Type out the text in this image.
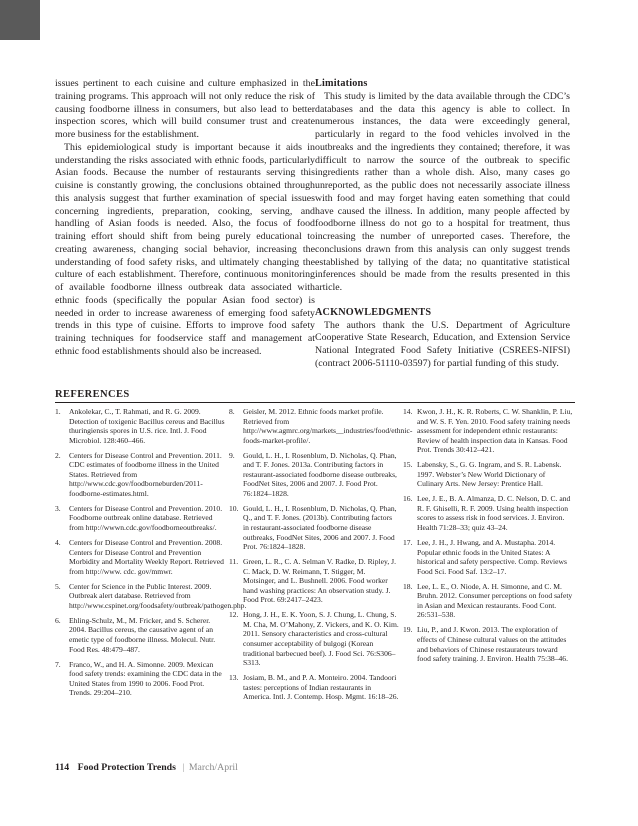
issues pertinent to each cuisine and culture emphasized in the training programs. This approach will not only reduce the risk of causing foodborne illness in consumers, but also lead to better inspection scores, which will build consumer trust and create more business for the establishment.

This epidemiological study is important because it aids in understanding the risks associated with ethnic foods, particularly Asian foods. Because the number of restaurants serving this cuisine is constantly growing, the conclusions obtained through this analysis suggest that further examination of special issues concerning ingredients, preparation, cooking, serving, and handling of Asian foods is needed. Also, the focus of food training effort should shift from being purely educational to creating awareness, changing social behavior, increasing the understanding of food safety risks, and ultimately changing the culture of each establishment. Therefore, continuous monitoring of available foodborne illness outbreak data associated with ethnic foods (specifically the popular Asian food sector) is needed in order to increase awareness of emerging food safety trends in this type of cuisine. Efforts to improve food safety training techniques for foodservice staff and management at ethnic food establishments should also be increased.

Limitations

This study is limited by the data available through the CDC’s databases and the data this agency is able to collect. In numerous instances, the data were exceedingly general, particularly in regard to the food vehicles involved in the outbreaks and the ingredients they contained; therefore, it was difficult to narrow the source of the outbreak to specific ingredients rather than a whole dish. Also, many cases go unreported, as the public does not necessarily associate illness with food and may forget having eaten something that could have caused the illness. In addition, many people affected by foodborne illness do not go to a hospital for treatment, thus increasing the number of unreported cases. Therefore, the conclusions drawn from this analysis can only suggest trends established by tallying of the data; no quantitative statistical inferences should be made from the results presented in this article.

ACKNOWLEDGMENTS

The authors thank the U.S. Department of Agriculture Cooperative State Research, Education, and Extension Service National Integrated Food Safety Initiative (CSREES-NIFSI) (contract 2006-51110-03597) for partial funding of this study.

REFERENCES
1. Ankolekar, C., T. Rahmati, and R. G. 2009. Detection of toxigenic Bacillus cereus and Bacillus thuringiensis spores in U.S. rice. Intl. J. Food Microbiol. 128:460–466.
2. Centers for Disease Control and Prevention. 2011. CDC estimates of foodborne illness in the United States. Retrieved from http://www.cdc.gov/foodborneburden/2011-foodborne-estimates.html.
3. Centers for Disease Control and Prevention. 2010. Foodborne outbreak online database. Retrieved from http://wwwn.cdc.gov/foodborneoutbreaks/.
4. Centers for Disease Control and Prevention. 2008. Centers for Disease Control and Prevention Morbidity and Mortality Weekly Report. Retrieved from http://www. cdc. gov/mmwr.
5. Center for Science in the Public Interest. 2009. Outbreak alert database. Retrieved from http://www.cspinet.org/foodsafety/outbreak/pathogen.php.
6. Ehling-Schulz, M., M. Fricker, and S. Scherer. 2004. Bacillus cereus, the causative agent of an emetic type of foodborne illness. Molecul. Nutr. Food Res. 48:479–487.
7. Franco, W., and H. A. Simonne. 2009. Mexican food safety trends: examining the CDC data in the United States from 1990 to 2006. Food Prot. Trends. 29:204–210.
8. Geisler, M. 2012. Ethnic foods market profile. Retrieved from http://www.agmrc.org/markets__industries/food/ethnic-foods-market-profile/.
9. Gould, L. H., I. Rosenblum, D. Nicholas, Q. Phan, and T. F. Jones. 2013a. Contributing factors in restaurant-associated foodborne disease outbreaks, FoodNet Sites, 2006 and 2007. J. Food Prot. 76:1824–1828.
10. Gould, L. H., I. Rosenblum, D. Nicholas, Q. Phan, Q., and T. F. Jones. (2013b). Contributing factors in restaurant-associated foodborne disease outbreaks, FoodNet Sites, 2006 and 2007. J. Food Prot. 76:1824–1828.
11. Green, L. R., C. A. Selman V. Radke, D. Ripley, J. C. Mack, D. W. Reimann, T. Stigger, M. Motsinger, and L. Bushnell. 2006. Food worker hand washing practices: An observation study. J. Food Prot. 69:2417–2423.
12. Hong, J. H., E. K. Yoon, S. J. Chung, L. Chung, S. M. Cha, M. O’Mahony, Z. Vickers, and K. O. Kim. 2011. Sensory characteristics and cross-cultural consumer acceptability of bulgogi (Korean traditional barbecued beef). J. Food Sci. 76:S306–S313.
13. Josiam, B. M., and P. A. Monteiro. 2004. Tandoori tastes: perceptions of Indian restaurants in America. Intl. J. Contemp. Hosp. Mgmt. 16:18–26.
14. Kwon, J. H., K. R. Roberts, C. W. Shanklin, P. Liu, and W. S. F. Yen. 2010. Food safety training needs assessment for independent ethnic restaurants: Review of health inspection data in Kansas. Food Prot. Trends 30:412–421.
15. Labensky, S., G. G. Ingram, and S. R. Labensk. 1997. Webster’s New World Dictionary of Culinary Arts. New Jersey: Prentice Hall.
16. Lee, J. E., B. A. Almanza, D. C. Nelson, D. C. and R. F. Ghiselli, R. F. 2009. Using health inspection scores to assess risk in food services. J. Environ. Health 71:28–33; quiz 43–24.
17. Lee, J. H., J. Hwang, and A. Mustapha. 2014. Popular ethnic foods in the United States: A historical and safety perspective. Comp. Reviews Food Sci. Food Saf. 13:2–17.
18. Lee, L. E., O. Niode, A. H. Simonne, and C. M. Bruhn. 2012. Consumer perceptions on food safety in Asian and Mexican restaurants. Food Cont. 26:531–538.
19. Liu, P., and J. Kwon. 2013. The exploration of effects of Chinese cultural values on the attitudes and behaviors of Chinese restaurateurs toward food safety training. J. Environ. Health 75:38–46.
114 Food Protection Trends | March/April
